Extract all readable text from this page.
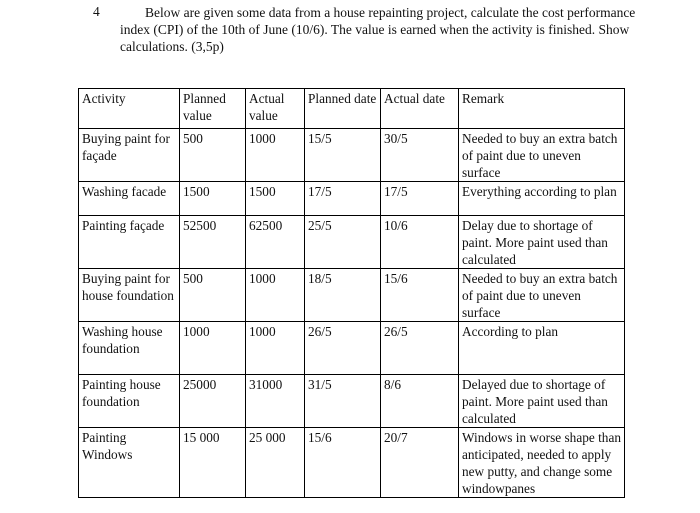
4	Below are given some data from a house repainting project, calculate the cost performance index (CPI) of the 10th of June (10/6). The value is earned when the activity is finished. Show calculations. (3,5p)
Activity	Planned value	Actual value	Planned date	Actual date	Remark
Buying paint for façade	500	1000	15/5	30/5	Needed to buy an extra batch of paint due to uneven surface
Washing facade	1500	1500	17/5	17/5	Everything according to plan
Painting façade	52500	62500	25/5	10/6	Delay due to shortage of paint. More paint used than calculated
Buying paint for house foundation	500	1000	18/5	15/6	Needed to buy an extra batch of paint due to uneven surface
Washing house foundation	1000	1000	26/5	26/5	According to plan
Painting house foundation	25000	31000	31/5	8/6	Delayed due to shortage of paint. More paint used than calculated
Painting Windows	15 000	25 000	15/6	20/7	Windows in worse shape than anticipated, needed to apply new putty, and change some windowpanes
